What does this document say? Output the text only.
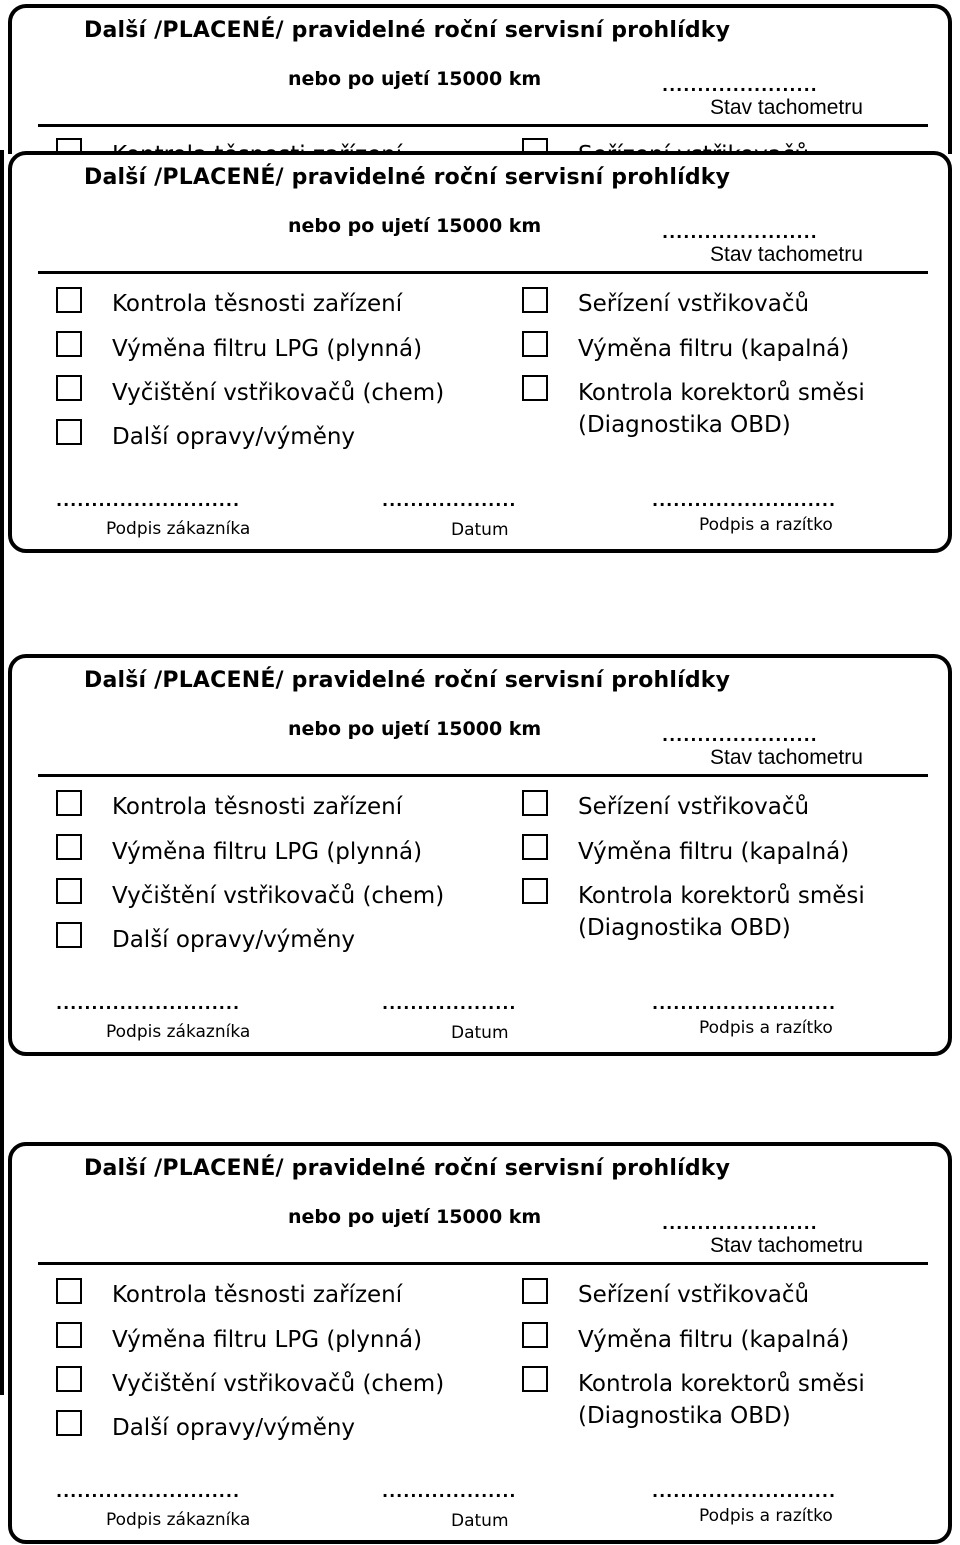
Další /PLACENÉ/ pravidelné roční servisní prohlídky
nebo po ujetí 15000 km	......................
Stav tachometru
Další /PLACENÉ/ pravidelné roční servisní prohlídky
nebo po ujetí 15000 km	......................
Stav tachometru
Kontrola těsnosti zařízení
Výměna filtru LPG (plynná)
Vyčištění vstřikovačů (chem)
Další opravy/výměny
Seřízení vstřikovačů
Výměna filtru (kapalná)
Kontrola korektorů směsi
(Diagnostika OBD)
..........................	...................	..........................
Podpis zákazníka	Datum	Podpis a razítko
Další /PLACENÉ/ pravidelné roční servisní prohlídky
nebo po ujetí 15000 km	......................
Stav tachometru
Kontrola těsnosti zařízení
Výměna filtru LPG (plynná)
Vyčištění vstřikovačů (chem)
Další opravy/výměny
Seřízení vstřikovačů
Výměna filtru (kapalná)
Kontrola korektorů směsi
(Diagnostika OBD)
..........................	...................	..........................
Podpis zákazníka	Datum	Podpis a razítko
Další /PLACENÉ/ pravidelné roční servisní prohlídky
nebo po ujetí 15000 km	......................
Stav tachometru
Kontrola těsnosti zařízení
Výměna filtru LPG (plynná)
Vyčištění vstřikovačů (chem)
Další opravy/výměny
Seřízení vstřikovačů
Výměna filtru (kapalná)
Kontrola korektorů směsi
(Diagnostika OBD)
..........................	...................	..........................
Podpis zákazníka	Datum	Podpis a razítko
